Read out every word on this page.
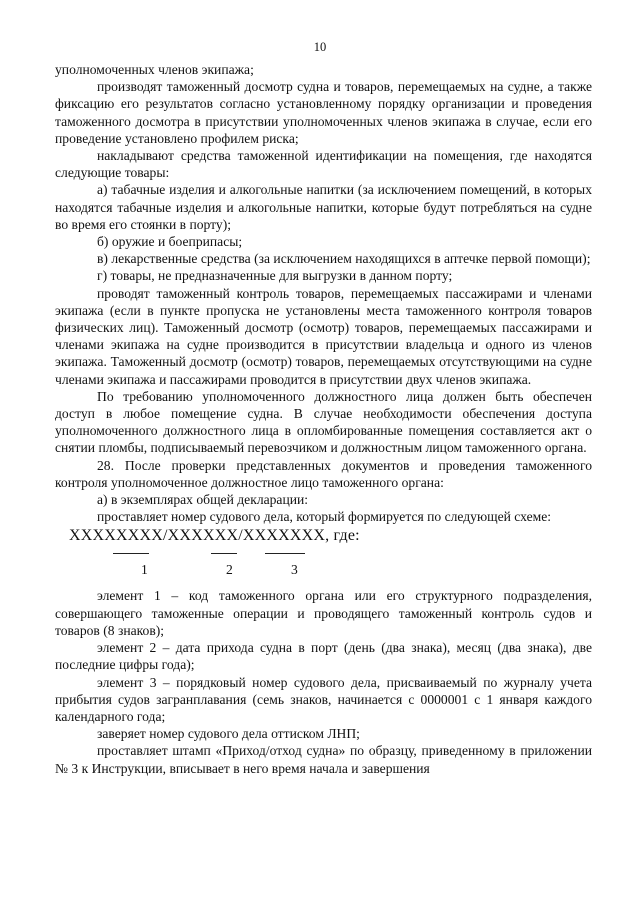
10

уполномоченных членов экипажа;

производят таможенный досмотр судна и товаров, перемещаемых на судне, а также фиксацию его результатов согласно установленному порядку организации и проведения таможенного досмотра в присутствии уполномоченных членов экипажа в случае, если его проведение установлено профилем риска;

накладывают средства таможенной идентификации на помещения, где находятся следующие товары:

а) табачные изделия и алкогольные напитки (за исключением помещений, в которых находятся табачные изделия и алкогольные напитки, которые будут потребляться на судне во время его стоянки в порту);

б) оружие и боеприпасы;

в) лекарственные средства (за исключением находящихся в аптечке первой помощи);

г) товары, не предназначенные для выгрузки в данном порту;

проводят таможенный контроль товаров, перемещаемых пассажирами и членами экипажа (если в пункте пропуска не установлены места таможенного контроля товаров физических лиц). Таможенный досмотр (осмотр) товаров, перемещаемых пассажирами и членами экипажа на судне производится в присутствии владельца и одного из членов экипажа. Таможенный досмотр (осмотр) товаров, перемещаемых отсутствующими на судне членами экипажа и пассажирами проводится в присутствии двух членов экипажа.

По требованию уполномоченного должностного лица должен быть обеспечен доступ в любое помещение судна. В случае необходимости обеспечения доступа уполномоченного должностного лица в опломбированные помещения составляется акт о снятии пломбы, подписываемый перевозчиком и должностным лицом таможенного органа.

28. После проверки представленных документов и проведения таможенного контроля уполномоченное должностное лицо таможенного органа:

а) в экземплярах общей декларации:

проставляет номер судового дела, который формируется по следующей схеме:

XXXXXXXX/XXXXXX/XXXXXXX, где:

1	2	3

элемент 1 – код таможенного органа или его структурного подразделения, совершающего таможенные операции и проводящего таможенный контроль судов и товаров (8 знаков);

элемент 2 – дата прихода судна в порт (день (два знака), месяц (два знака), две последние цифры года);

элемент 3 – порядковый номер судового дела, присваиваемый по журналу учета прибытия судов загранплавания (семь знаков, начинается с 0000001 с 1 января каждого календарного года;

заверяет номер судового дела оттиском ЛНП;

проставляет штамп «Приход/отход судна» по образцу, приведенному в приложении № 3 к Инструкции, вписывает в него время начала и завершения
